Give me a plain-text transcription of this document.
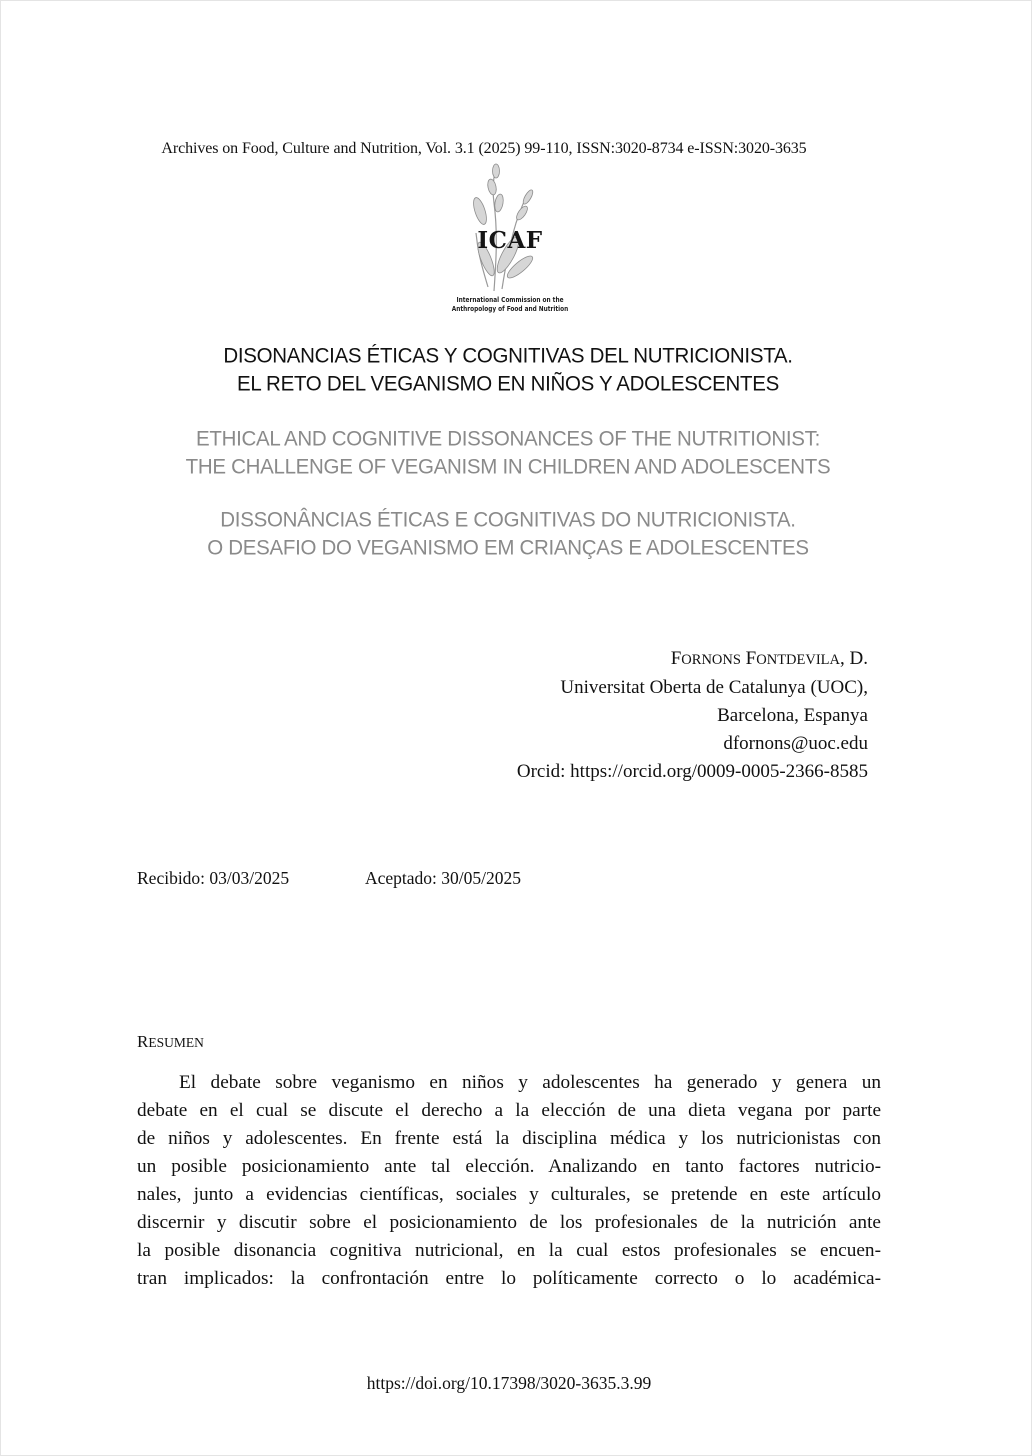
Archives on Food, Culture and Nutrition, Vol. 3.1 (2025) 99-110, ISSN:3020-8734 e-ISSN:3020-3635
ICAF
International Commission on the
Anthropology of Food and Nutrition
DISONANCIAS ÉTICAS Y COGNITIVAS DEL NUTRICIONISTA.
EL RETO DEL VEGANISMO EN NIÑOS Y ADOLESCENTES
ETHICAL AND COGNITIVE DISSONANCES OF THE NUTRITIONIST:
THE CHALLENGE OF VEGANISM IN CHILDREN AND ADOLESCENTS
DISSONÂNCIAS ÉTICAS E COGNITIVAS DO NUTRICIONISTA.
O DESAFIO DO VEGANISMO EM CRIANÇAS E ADOLESCENTES
FORNONS FONTDEVILA, D.
Universitat Oberta de Catalunya (UOC),
Barcelona, Espanya
dfornons@uoc.edu
Orcid: https://orcid.org/0009-0005-2366-8585
Recibido: 03/03/2025	Aceptado: 30/05/2025
RESUMEN
El debate sobre veganismo en niños y adolescentes ha generado y genera un
debate en el cual se discute el derecho a la elección de una dieta vegana por parte
de niños y adolescentes. En frente está la disciplina médica y los nutricionistas con
un posible posicionamiento ante tal elección. Analizando en tanto factores nutricio-
nales, junto a evidencias científicas, sociales y culturales, se pretende en este artículo
discernir y discutir sobre el posicionamiento de los profesionales de la nutrición ante
la posible disonancia cognitiva nutricional, en la cual estos profesionales se encuen-
tran implicados: la confrontación entre lo políticamente correcto o lo académica-
https://doi.org/10.17398/3020-3635.3.99
